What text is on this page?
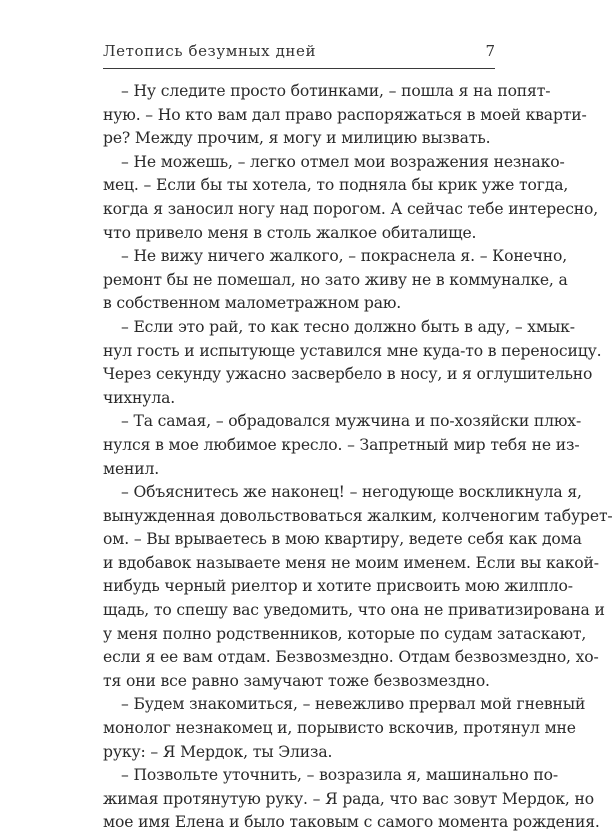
Летопись безумных дней	7
– Ну следите просто ботинками, – пошла я на попят-
ную. – Но кто вам дал право распоряжаться в моей кварти-
ре? Между прочим, я могу и милицию вызвать.
– Не можешь, – легко отмел мои возражения незнако-
мец. – Если бы ты хотела, то подняла бы крик уже тогда,
когда я заносил ногу над порогом. А сейчас тебе интересно,
что привело меня в столь жалкое обиталище.
– Не вижу ничего жалкого, – покраснела я. – Конечно,
ремонт бы не помешал, но зато живу не в коммуналке, а
в собственном малометражном раю.
– Если это рай, то как тесно должно быть в аду, – хмык-
нул гость и испытующе уставился мне куда-то в переносицу.
Через секунду ужасно засвербело в носу, и я оглушительно
чихнула.
– Та самая, – обрадовался мужчина и по-хозяйски плюх-
нулся в мое любимое кресло. – Запретный мир тебя не из-
менил.
– Объяснитесь же наконец! – негодующе воскликнула я,
вынужденная довольствоваться жалким, колченогим табурет-
ом. – Вы врываетесь в мою квартиру, ведете себя как дома
и вдобавок называете меня не моим именем. Если вы какой-
нибудь черный риелтор и хотите присвоить мою жилпло-
щадь, то спешу вас уведомить, что она не приватизирована и
у меня полно родственников, которые по судам затаскают,
если я ее вам отдам. Безвозмездно. Отдам безвозмездно, хо-
тя они все равно замучают тоже безвозмездно.
– Будем знакомиться, – невежливо прервал мой гневный
монолог незнакомец и, порывисто вскочив, протянул мне
руку: – Я Мердок, ты Элиза.
– Позвольте уточнить, – возразила я, машинально по-
жимая протянутую руку. – Я рада, что вас зовут Мердок, но
мое имя Елена и было таковым с самого момента рождения.
